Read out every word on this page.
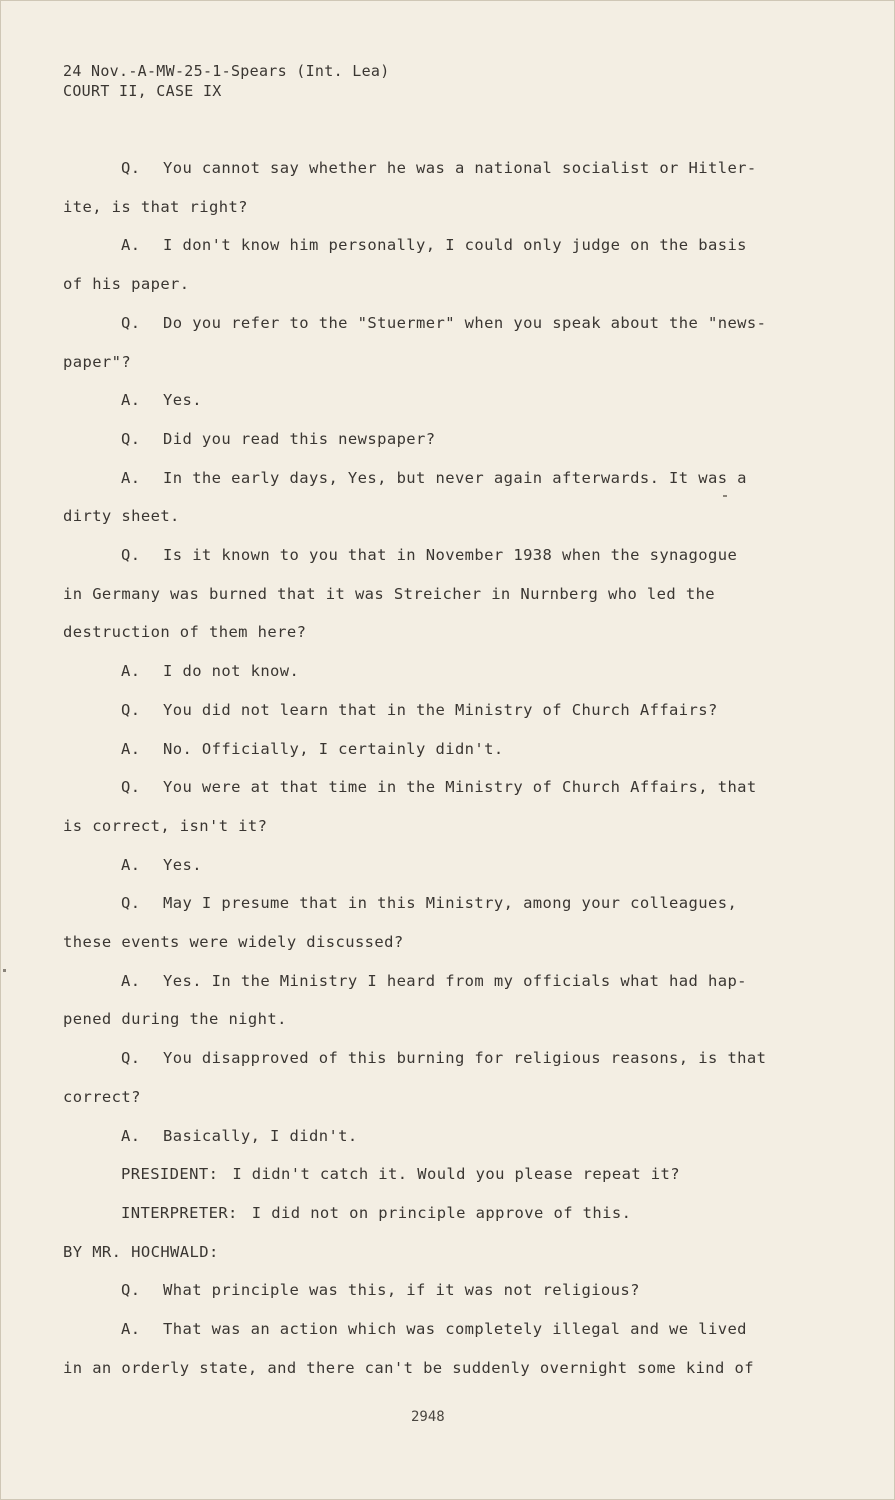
24 Nov.-A-MW-25-1-Spears (Int. Lea)
COURT II, CASE IX
Q. You cannot say whether he was a national socialist or Hitler-
ite, is that right?
A. I don't know him personally, I could only judge on the basis
of his paper.
Q. Do you refer to the "Stuermer" when you speak about the "news-
paper"?
A. Yes.
Q. Did you read this newspaper?
A. In the early days, Yes, but never again afterwards. It was a
dirty sheet.
Q. Is it known to you that in November 1938 when the synagogue
in Germany was burned that it was Streicher in Nurnberg who led the
destruction of them here?
A. I do not know.
Q. You did not learn that in the Ministry of Church Affairs?
A. No. Officially, I certainly didn't.
Q. You were at that time in the Ministry of Church Affairs, that
is correct, isn't it?
A. Yes.
Q. May I presume that in this Ministry, among your colleagues,
these events were widely discussed?
A. Yes. In the Ministry I heard from my officials what had hap-
pened during the night.
Q. You disapproved of this burning for religious reasons, is that
correct?
A. Basically, I didn't.
PRESIDENT: I didn't catch it. Would you please repeat it?
INTERPRETER: I did not on principle approve of this.
BY MR. HOCHWALD:
Q. What principle was this, if it was not religious?
A. That was an action which was completely illegal and we lived
in an orderly state, and there can't be suddenly overnight some kind of
2948
